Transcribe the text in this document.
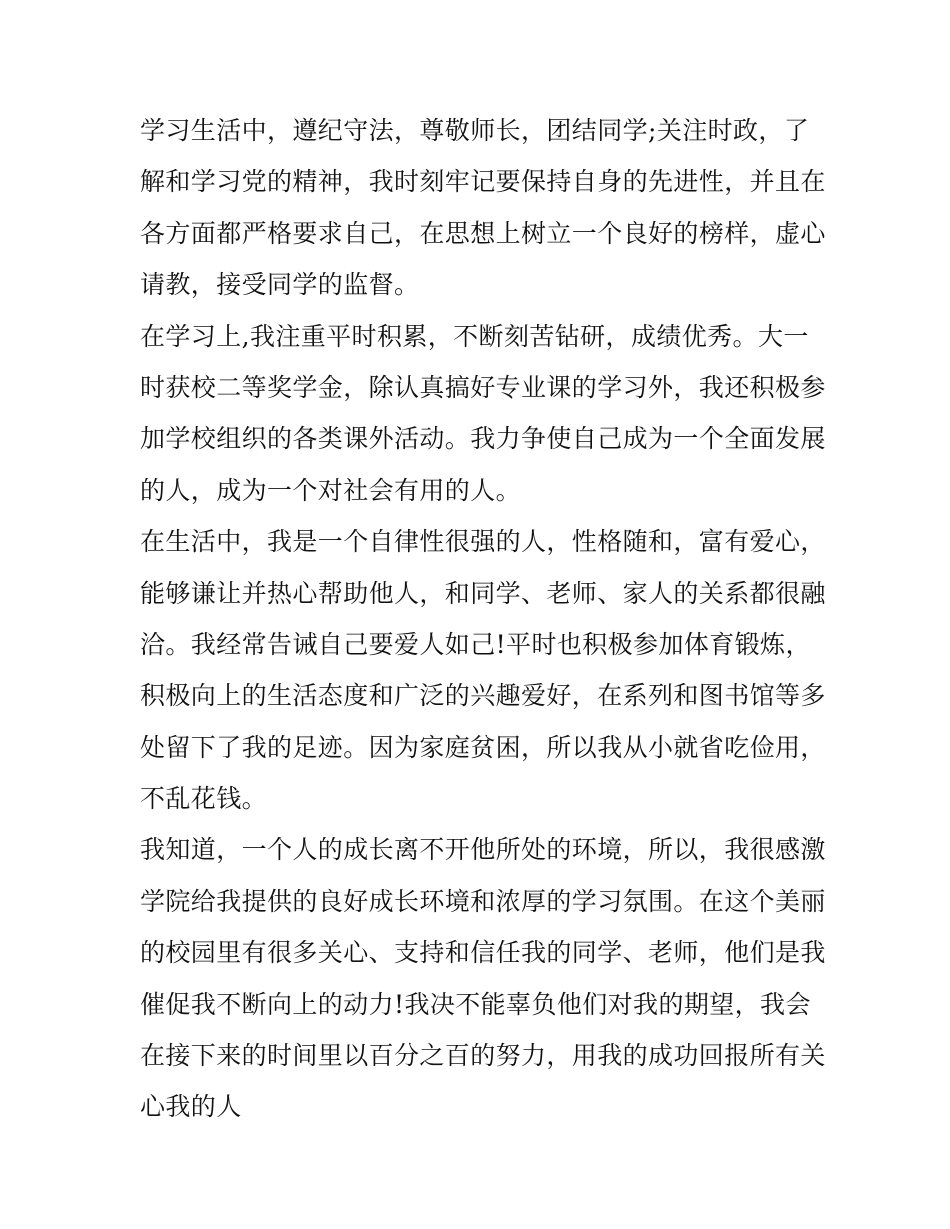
学习生活中，遵纪守法，尊敬师长，团结同学;关注时政，了
解和学习党的精神，我时刻牢记要保持自身的先进性，并且在
各方面都严格要求自己，在思想上树立一个良好的榜样，虚心
请教，接受同学的监督。
在学习上,我注重平时积累，不断刻苦钻研，成绩优秀。大一
时获校二等奖学金，除认真搞好专业课的学习外，我还积极参
加学校组织的各类课外活动。我力争使自己成为一个全面发展
的人，成为一个对社会有用的人。
在生活中，我是一个自律性很强的人，性格随和，富有爱心，
能够谦让并热心帮助他人，和同学、老师、家人的关系都很融
洽。我经常告诫自己要爱人如己!平时也积极参加体育锻炼，
积极向上的生活态度和广泛的兴趣爱好，在系列和图书馆等多
处留下了我的足迹。因为家庭贫困，所以我从小就省吃俭用，
不乱花钱。
我知道，一个人的成长离不开他所处的环境，所以，我很感激
学院给我提供的良好成长环境和浓厚的学习氛围。在这个美丽
的校园里有很多关心、支持和信任我的同学、老师，他们是我
催促我不断向上的动力!我决不能辜负他们对我的期望，我会
在接下来的时间里以百分之百的努力，用我的成功回报所有关
心我的人
